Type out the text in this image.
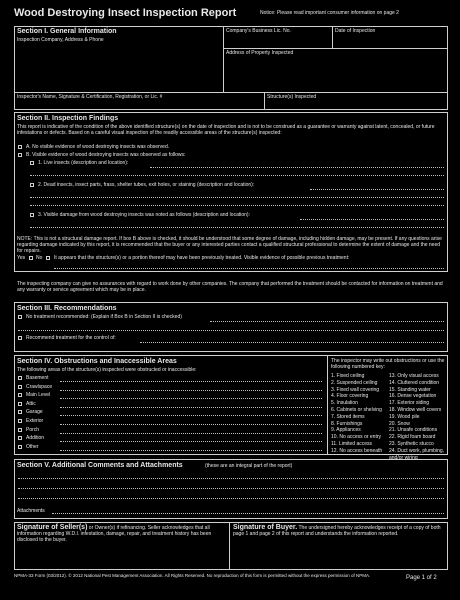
Wood Destroying Insect Inspection Report	Notice: Please read important consumer information on page 2
Section I. General Information
Inspection Company, Address & Phone
Company's Business Lic. No.	Date of Inspection
Address of Property Inspected
Inspector's Name, Signature & Certification, Registration, or Lic. #	Structure(s) Inspected
Section II. Inspection Findings
This report is indicative of the condition of the above identified structure(s) on the date of inspection and is not to be construed as a guarantee or warranty against latent, concealed, or future infestations or defects. Based on a careful visual inspection of the readily accessible areas of the structure(s) inspected:
A. No visible evidence of wood destroying insects was observed.
B. Visible evidence of wood destroying insects was observed as follows:
1. Live insects (description and location):
2. Dead insects, insect parts, frass, shelter tubes, exit holes, or staining (description and location):
3. Visible damage from wood destroying insects was noted as follows (description and location):
NOTE: This is not a structural damage report. If box B above is checked, it should be understood that some degree of damage, including hidden damage, may be present. If any questions arise regarding damage indicated by this report, it is recommended that the buyer or any interested parties contact a qualified structural professional to determine the extent of damage and the need for repairs.
Yes No It appears that the structure(s) or a portion thereof may have been previously treated. Visible evidence of possible previous treatment:
The inspecting company can give no assurances with regard to work done by other companies. The company that performed the treatment should be contacted for information on treatment and any warranty or service agreement which may be in place.
Section III. Recommendations
No treatment recommended: (Explain if Box B in Section II is checked)
Recommend treatment for the control of:
Section IV. Obstructions and Inaccessible Areas
The following areas of the structure(s) inspected were obstructed or inaccessible:
Basement
Crawlspace
Main Level
Attic
Garage
Exterior
Porch
Addition
Other
The inspector may write out obstructions or use the following numbered key:
1. Fixed ceiling
2. Suspended ceiling
3. Fixed wall covering
4. Floor covering
5. Insulation
6. Cabinets or shelving
7. Stored items
8. Furnishings
9. Appliances
10. No access or entry
11. Limited access
12. No access beneath
13. Only visual access
14. Cluttered condition
15. Standing water
16. Dense vegetation
17. Exterior siding
18. Window well covers
19. Wood pile
20. Snow
21. Unsafe conditions
22. Rigid foam board
23. Synthetic stucco
24. Duct work, plumbing, and/or wiring
Section V. Additional Comments and Attachments	(these are an integral part of the report)
Attachments
Signature of Seller(s) or Owner(s) if refinancing. Seller acknowledges that all information regarding W.D.I. infestation, damage, repair, and treatment history has been disclosed to the buyer.
Signature of Buyer. The undersigned hereby acknowledges receipt of a copy of both page 1 and page 2 of this report and understands the information reported.
NPMA-33 Form (03/2012). © 2012 National Pest Management Association. All Rights Reserved. No reproduction of this form is permitted without the express permission of NPMA.	Page 1 of 2
